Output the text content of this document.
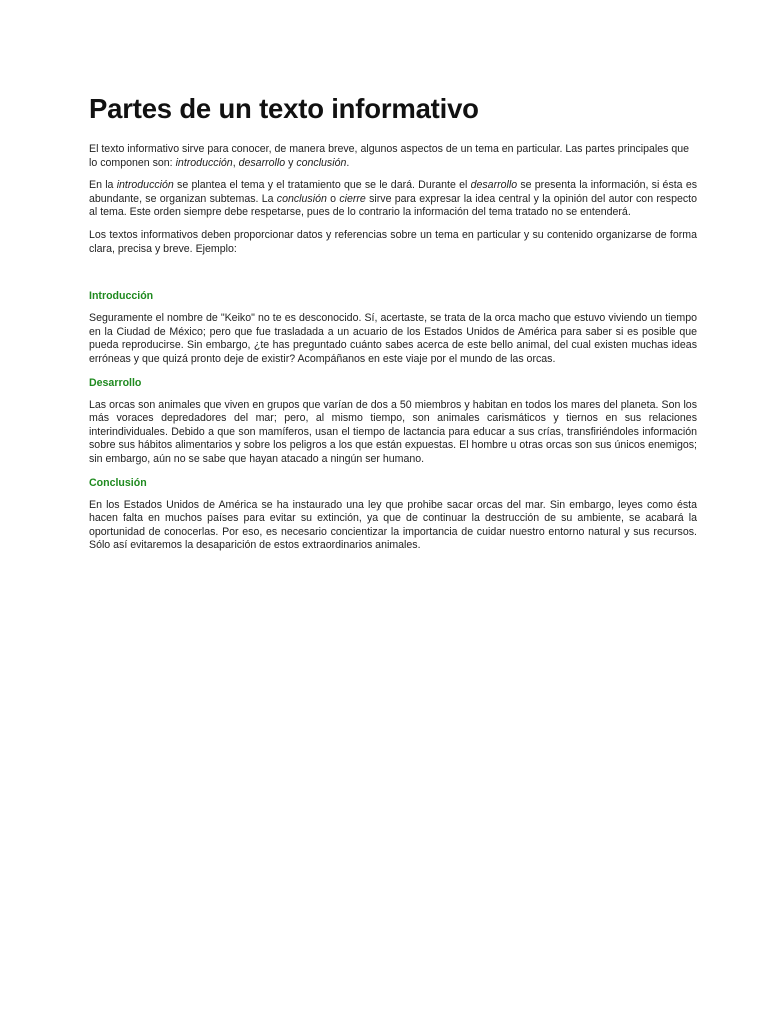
Partes de un texto informativo

El texto informativo sirve para conocer, de manera breve, algunos aspectos de un tema en particular. Las partes principales que lo componen son: introducción, desarrollo y conclusión.

En la introducción se plantea el tema y el tratamiento que se le dará. Durante el desarrollo se presenta la información, si ésta es abundante, se organizan subtemas. La conclusión o cierre sirve para expresar la idea central y la opinión del autor con respecto al tema. Este orden siempre debe respetarse, pues de lo contrario la información del tema tratado no se entenderá.

Los textos informativos deben proporcionar datos y referencias sobre un tema en particular y su contenido organizarse de forma clara, precisa y breve. Ejemplo:

Introducción

Seguramente el nombre de "Keiko" no te es desconocido. Sí, acertaste, se trata de la orca macho que estuvo viviendo un tiempo en la Ciudad de México; pero que fue trasladada a un acuario de los Estados Unidos de América para saber si es posible que pueda reproducirse. Sin embargo, ¿te has preguntado cuánto sabes acerca de este bello animal, del cual existen muchas ideas erróneas y que quizá pronto deje de existir? Acompáñanos en este viaje por el mundo de las orcas.

Desarrollo

Las orcas son animales que viven en grupos que varían de dos a 50 miembros y habitan en todos los mares del planeta. Son los más voraces depredadores del mar; pero, al mismo tiempo, son animales carismáticos y tiernos en sus relaciones interindividuales. Debido a que son mamíferos, usan el tiempo de lactancia para educar a sus crías, transfiriéndoles información sobre sus hábitos alimentarios y sobre los peligros a los que están expuestas. El hombre u otras orcas son sus únicos enemigos; sin embargo, aún no se sabe que hayan atacado a ningún ser humano.

Conclusión

En los Estados Unidos de América se ha instaurado una ley que prohibe sacar orcas del mar. Sin embargo, leyes como ésta hacen falta en muchos países para evitar su extinción, ya que de continuar la destrucción de su ambiente, se acabará la oportunidad de conocerlas. Por eso, es necesario concientizar la importancia de cuidar nuestro entorno natural y sus recursos. Sólo así evitaremos la desaparición de estos extraordinarios animales.
